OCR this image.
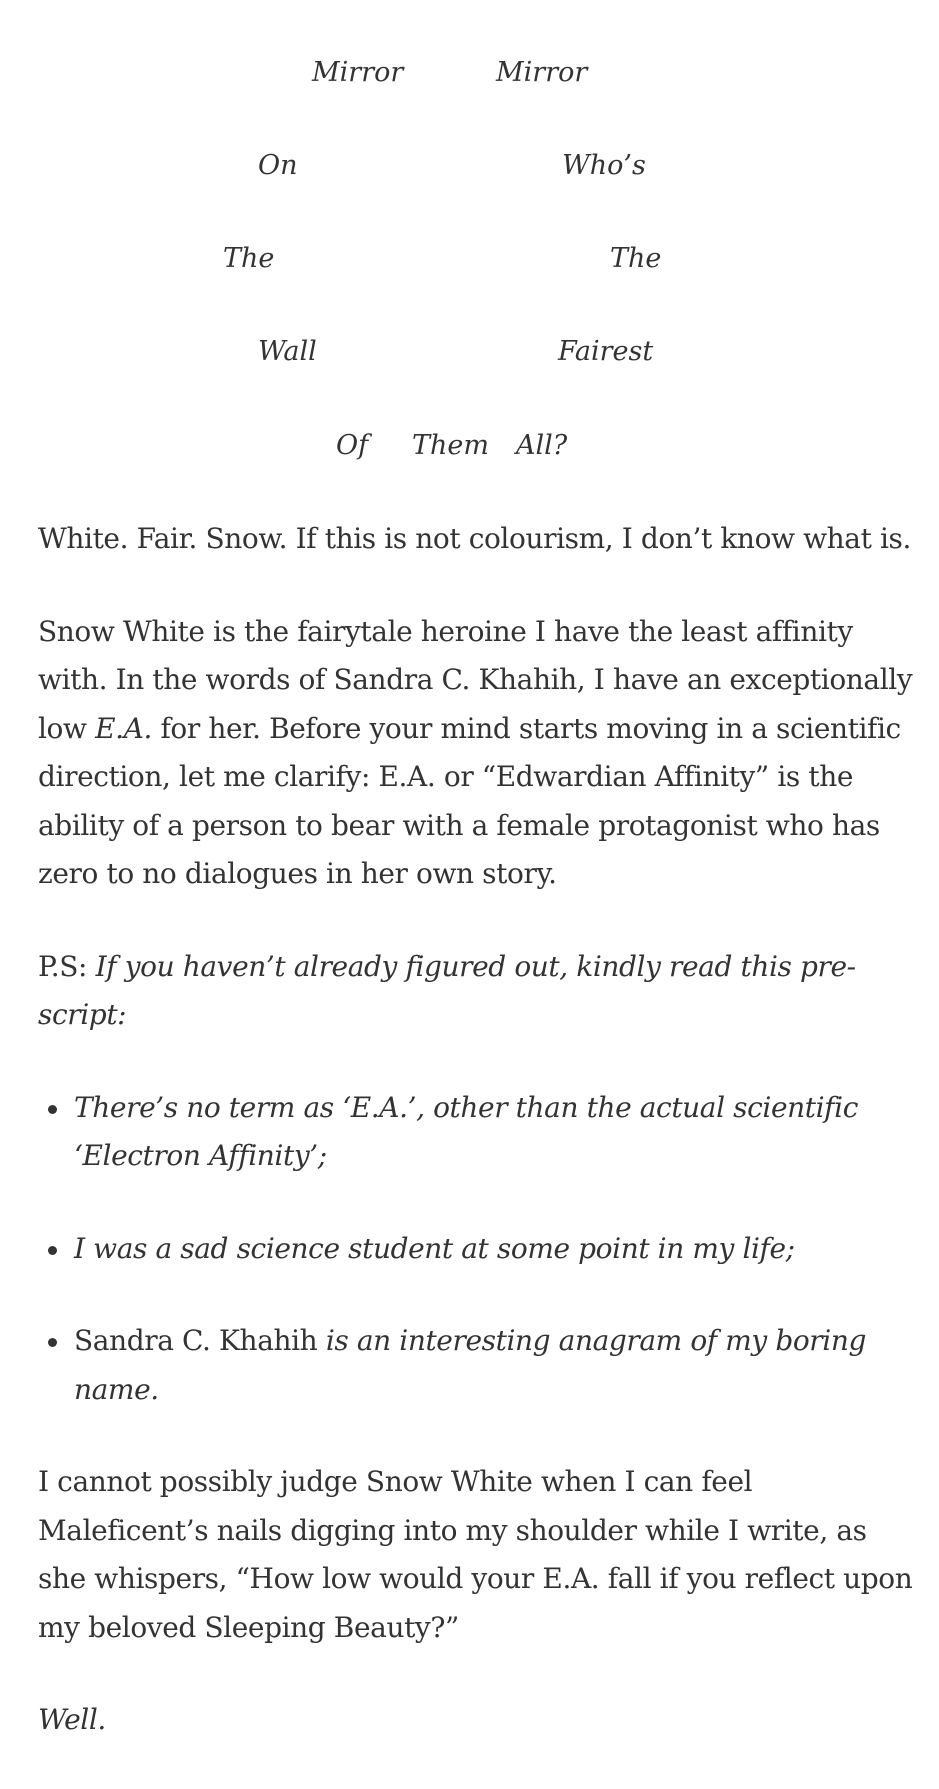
Mirror	Mirror
On	Who’s
The	The
Wall	Fairest
Of Them All?

White. Fair. Snow. If this is not colourism, I don’t know what is.

Snow White is the fairytale heroine I have the least affinity with. In the words of Sandra C. Khahih, I have an exceptionally low E.A. for her. Before your mind starts moving in a scientific direction, let me clarify: E.A. or “Edwardian Affinity” is the ability of a person to bear with a female protagonist who has zero to no dialogues in her own story.

P.S: If you haven’t already figured out, kindly read this pre-script:

There’s no term as ‘E.A.’, other than the actual scientific ‘Electron Affinity’;
I was a sad science student at some point in my life;
Sandra C. Khahih is an interesting anagram of my boring name.

I cannot possibly judge Snow White when I can feel Maleficent’s nails digging into my shoulder while I write, as she whispers, “How low would your E.A. fall if you reflect upon my beloved Sleeping Beauty?”

Well.
